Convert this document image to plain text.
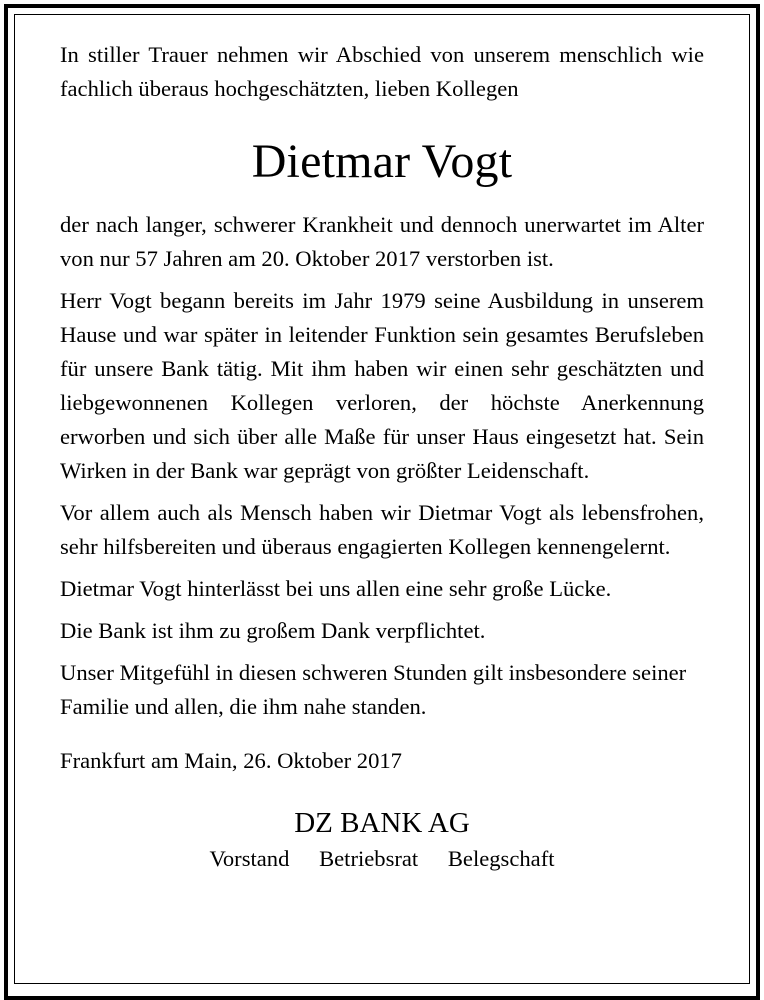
In stiller Trauer nehmen wir Abschied von unserem menschlich wie fachlich überaus hochgeschätzten, lieben Kollegen

Dietmar Vogt

der nach langer, schwerer Krankheit und dennoch unerwartet im Alter von nur 57 Jahren am 20. Oktober 2017 verstorben ist.

Herr Vogt begann bereits im Jahr 1979 seine Ausbildung in unserem Hause und war später in leitender Funktion sein gesamtes Berufsleben für unsere Bank tätig. Mit ihm haben wir einen sehr geschätzten und liebgewonnenen Kollegen verloren, der höchste Anerkennung erworben und sich über alle Maße für unser Haus eingesetzt hat. Sein Wirken in der Bank war geprägt von größter Leidenschaft.

Vor allem auch als Mensch haben wir Dietmar Vogt als lebensfrohen, sehr hilfsbereiten und überaus engagierten Kollegen kennengelernt.

Dietmar Vogt hinterlässt bei uns allen eine sehr große Lücke.

Die Bank ist ihm zu großem Dank verpflichtet.

Unser Mitgefühl in diesen schweren Stunden gilt insbesondere seiner Familie und allen, die ihm nahe standen.

Frankfurt am Main, 26. Oktober 2017

DZ BANK AG

Vorstand Betriebsrat Belegschaft
